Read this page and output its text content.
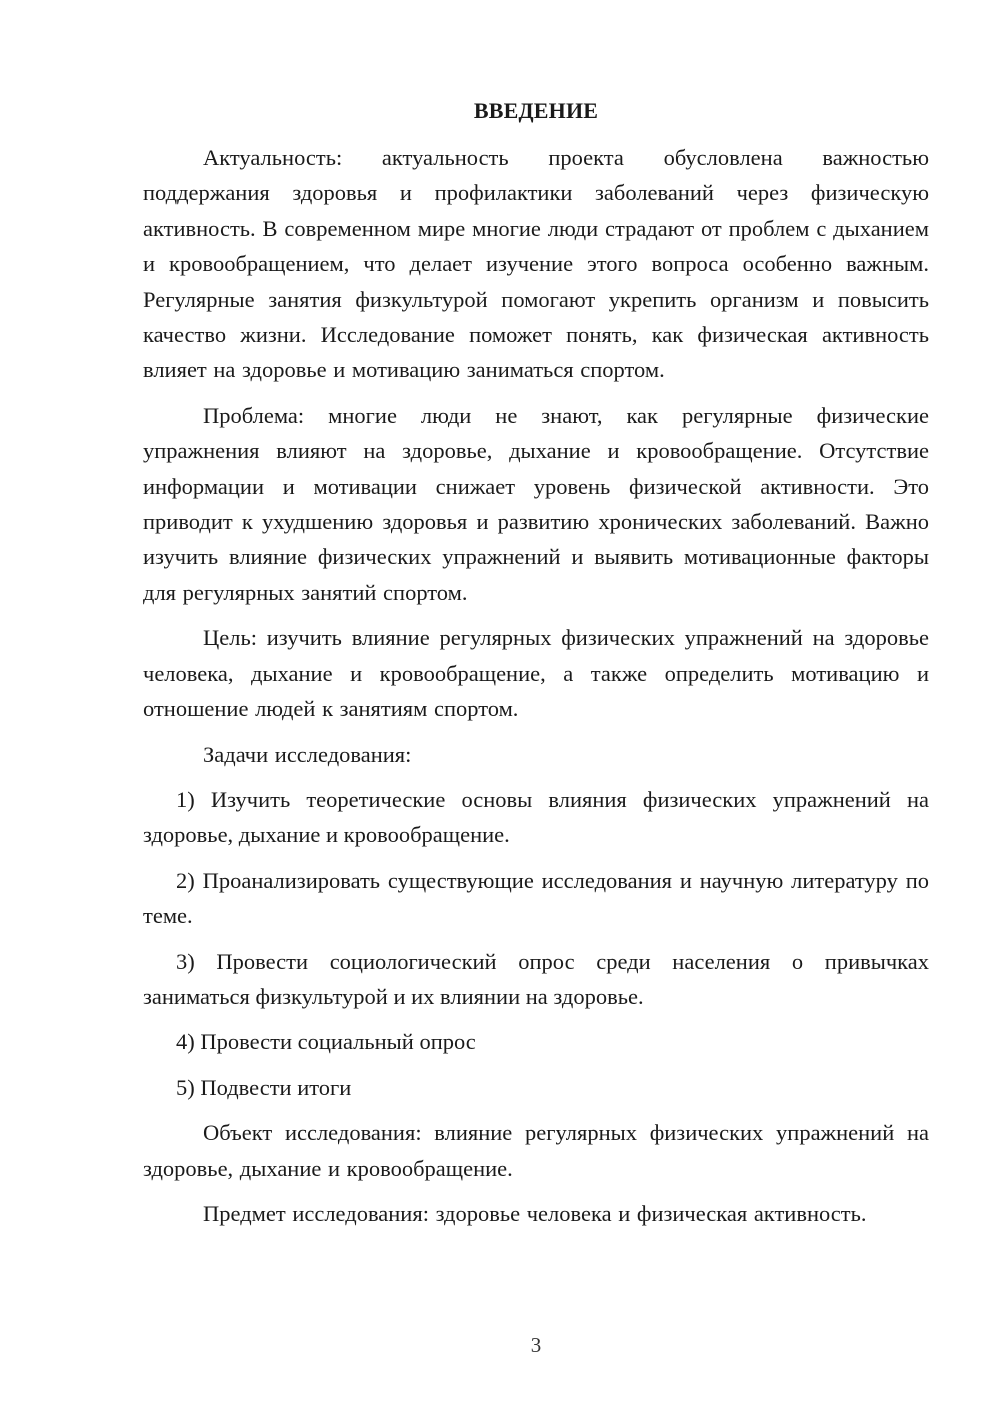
ВВЕДЕНИЕ

Актуальность: актуальность проекта обусловлена важностью поддержания здоровья и профилактики заболеваний через физическую активность. В современном мире многие люди страдают от проблем с дыханием и кровообращением, что делает изучение этого вопроса особенно важным. Регулярные занятия физкультурой помогают укрепить организм и повысить качество жизни. Исследование поможет понять, как физическая активность влияет на здоровье и мотивацию заниматься спортом.

Проблема: многие люди не знают, как регулярные физические упражнения влияют на здоровье, дыхание и кровообращение. Отсутствие информации и мотивации снижает уровень физической активности. Это приводит к ухудшению здоровья и развитию хронических заболеваний. Важно изучить влияние физических упражнений и выявить мотивационные факторы для регулярных занятий спортом.

Цель: изучить влияние регулярных физических упражнений на здоровье человека, дыхание и кровообращение, а также определить мотивацию и отношение людей к занятиям спортом.

Задачи исследования:

1) Изучить теоретические основы влияния физических упражнений на здоровье, дыхание и кровообращение.

2) Проанализировать существующие исследования и научную литературу по теме.

3) Провести социологический опрос среди населения о привычках заниматься физкультурой и их влиянии на здоровье.

4) Провести социальный опрос

5) Подвести итоги

Объект исследования: влияние регулярных физических упражнений на здоровье, дыхание и кровообращение.

Предмет исследования: здоровье человека и физическая активность.

3
